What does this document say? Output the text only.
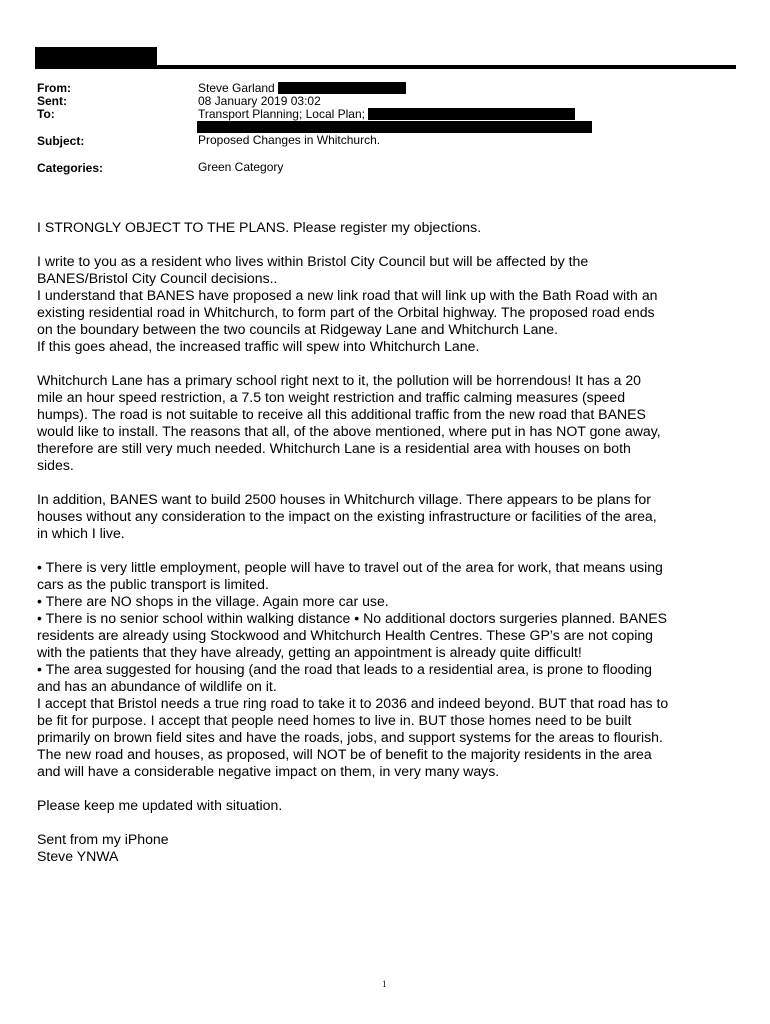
From:	Steve Garland
Sent:	08 January 2019 03:02
To:	Transport Planning; Local Plan;
Subject:	Proposed Changes in Whitchurch.
Categories:	Green Category

I STRONGLY OBJECT TO THE PLANS. Please register my objections.

I write to you as a resident who lives within Bristol City Council but will be affected by the
BANES/Bristol City Council decisions..
I understand that BANES have proposed a new link road that will link up with the Bath Road with an
existing residential road in Whitchurch, to form part of the Orbital highway. The proposed road ends
on the boundary between the two councils at Ridgeway Lane and Whitchurch Lane.
If this goes ahead, the increased traffic will spew into Whitchurch Lane.

Whitchurch Lane has a primary school right next to it, the pollution will be horrendous! It has a 20
mile an hour speed restriction, a 7.5 ton weight restriction and traffic calming measures (speed
humps). The road is not suitable to receive all this additional traffic from the new road that BANES
would like to install. The reasons that all, of the above mentioned, where put in has NOT gone away,
therefore are still very much needed. Whitchurch Lane is a residential area with houses on both
sides.

In addition, BANES want to build 2500 houses in Whitchurch village. There appears to be plans for
houses without any consideration to the impact on the existing infrastructure or facilities of the area,
in which I live.

• There is very little employment, people will have to travel out of the area for work, that means using
cars as the public transport is limited.
• There are NO shops in the village. Again more car use.
• There is no senior school within walking distance • No additional doctors surgeries planned. BANES
residents are already using Stockwood and Whitchurch Health Centres. These GP’s are not coping
with the patients that they have already, getting an appointment is already quite difficult!
• The area suggested for housing (and the road that leads to a residential area, is prone to flooding
and has an abundance of wildlife on it.
I accept that Bristol needs a true ring road to take it to 2036 and indeed beyond. BUT that road has to
be fit for purpose. I accept that people need homes to live in. BUT those homes need to be built
primarily on brown field sites and have the roads, jobs, and support systems for the areas to flourish.
The new road and houses, as proposed, will NOT be of benefit to the majority residents in the area
and will have a considerable negative impact on them, in very many ways.

Please keep me updated with situation.

Sent from my iPhone
Steve YNWA

1
